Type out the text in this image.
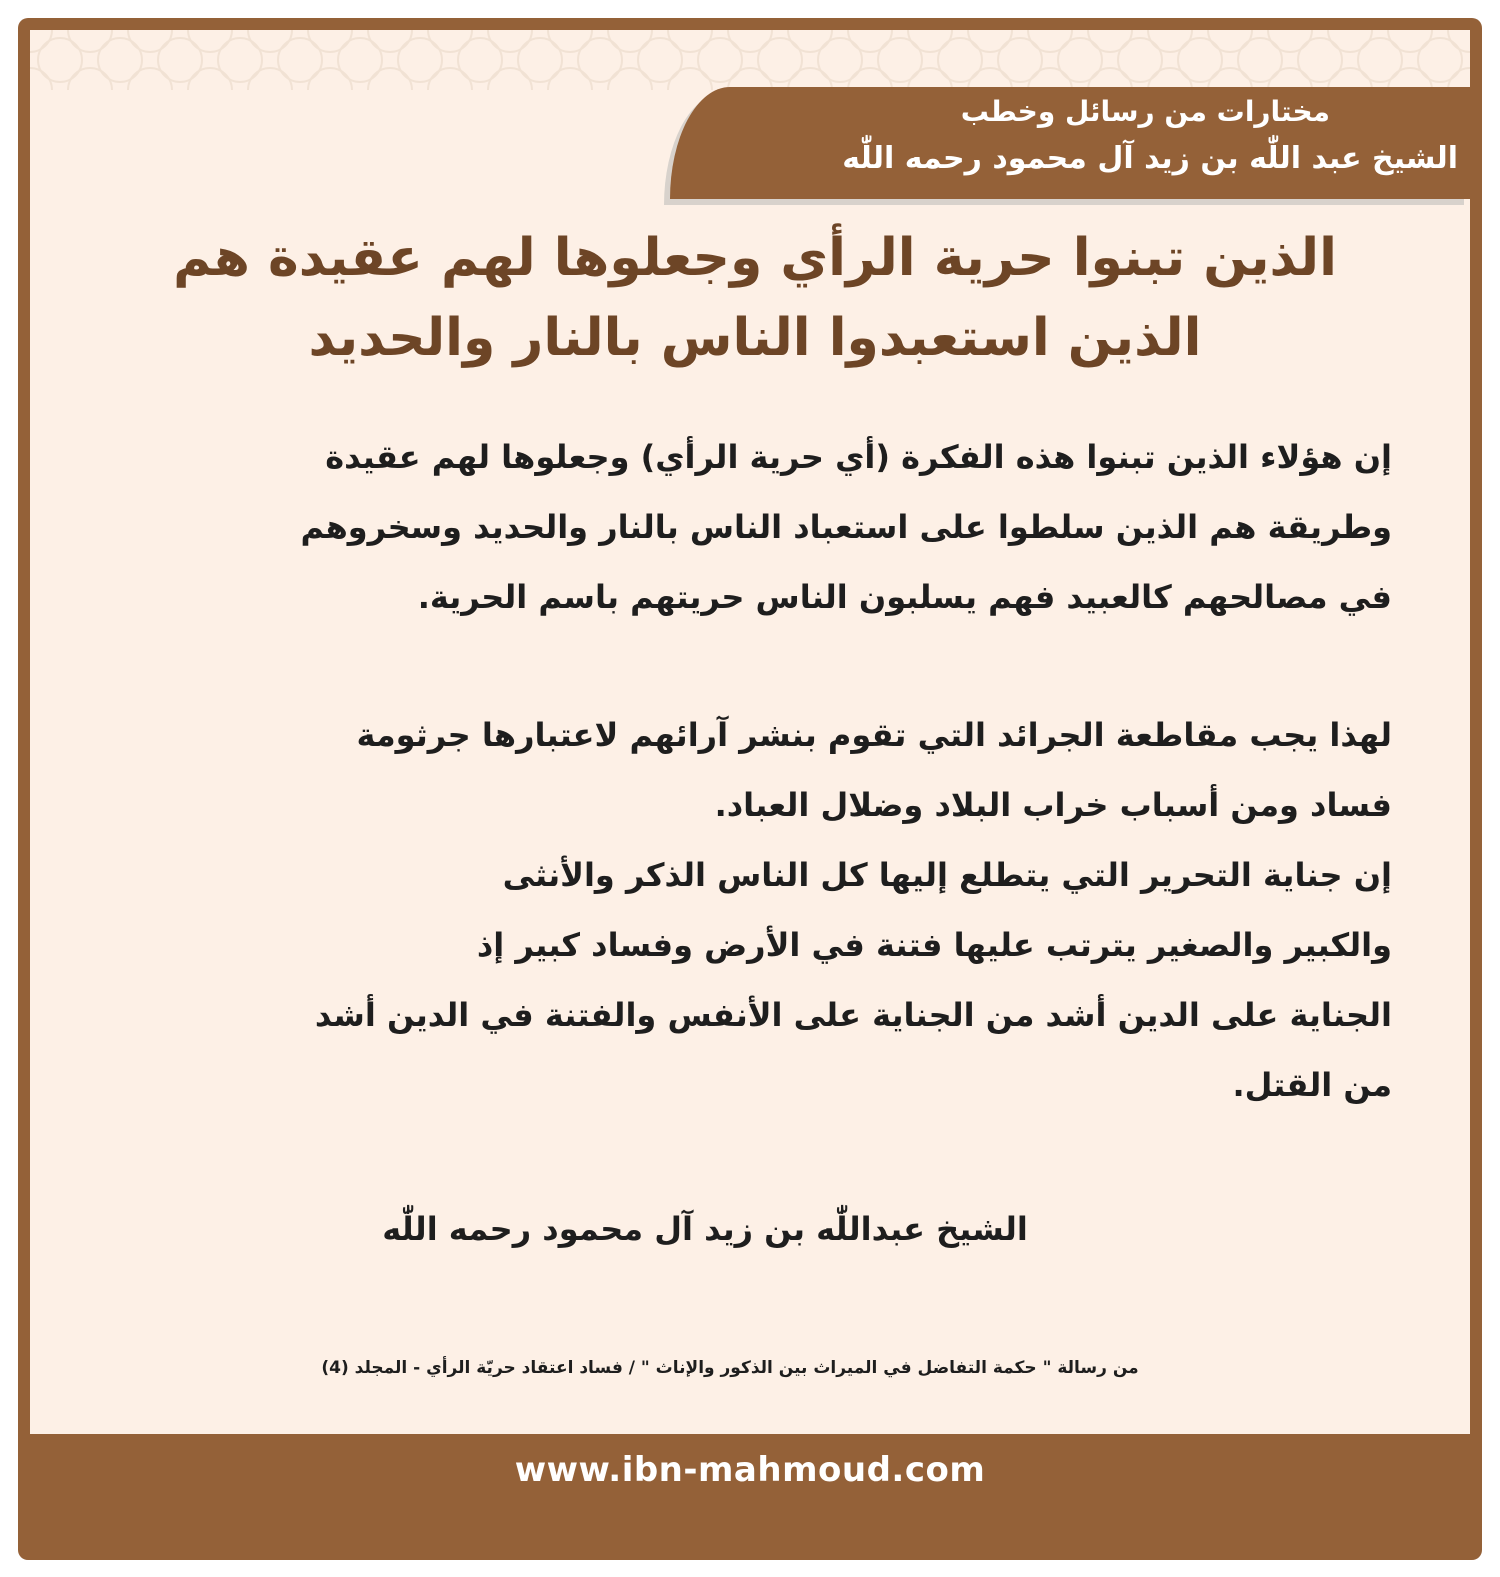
مختارات من رسائل وخطب
الشيخ عبد اللّٰه بن زيد آل محمود رحمه اللّٰه
الذين تبنوا حرية الرأي وجعلوها لهم عقيدة هم
الذين استعبدوا الناس بالنار والحديد
إن هؤلاء الذين تبنوا هذه الفكرة (أي حرية الرأي) وجعلوها لهم عقيدة
وطريقة هم الذين سلطوا على استعباد الناس بالنار والحديد وسخروهم
في مصالحهم كالعبيد فهم يسلبون الناس حريتهم باسم الحرية.
لهذا يجب مقاطعة الجرائد التي تقوم بنشر آرائهم لاعتبارها جرثومة
فساد ومن أسباب خراب البلاد وضلال العباد.
إن جناية التحرير التي يتطلع إليها كل الناس الذكر والأنثى
والكبير والصغير يترتب عليها فتنة في الأرض وفساد كبير إذ
الجناية على الدين أشد من الجناية على الأنفس والفتنة في الدين أشد
من القتل.
الشيخ عبداللّٰه بن زيد آل محمود رحمه اللّٰه
من رسالة " حكمة التفاضل في الميراث بين الذكور والإناث " / فساد اعتقاد حريّة الرأي - المجلد (4)
www.ibn-mahmoud.com
